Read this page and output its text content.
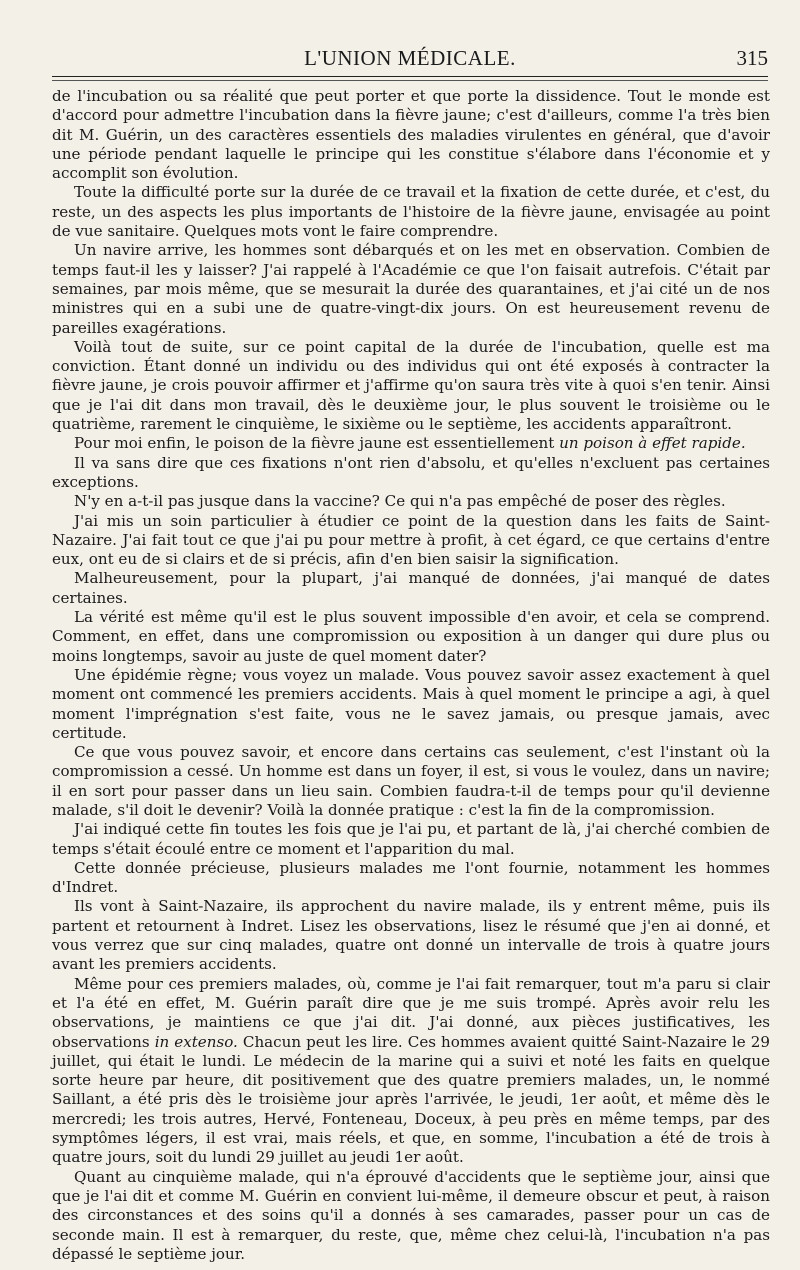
L'UNION MÉDICALE.	315

de l'incubation ou sa réalité que peut porter et que porte la dissidence. Tout le monde est d'accord pour admettre l'incubation dans la fièvre jaune; c'est d'ailleurs, comme l'a très bien dit M. Guérin, un des caractères essentiels des maladies virulentes en général, que d'avoir une période pendant laquelle le principe qui les constitue s'élabore dans l'économie et y accomplit son évolution.

Toute la difficulté porte sur la durée de ce travail et la fixation de cette durée, et c'est, du reste, un des aspects les plus importants de l'histoire de la fièvre jaune, envisagée au point de vue sanitaire. Quelques mots vont le faire comprendre.

Un navire arrive, les hommes sont débarqués et on les met en observation. Combien de temps faut-il les y laisser? J'ai rappelé à l'Académie ce que l'on faisait autrefois. C'était par semaines, par mois même, que se mesurait la durée des quarantaines, et j'ai cité un de nos ministres qui en a subi une de quatre-vingt-dix jours. On est heureusement revenu de pareilles exagérations.

Voilà tout de suite, sur ce point capital de la durée de l'incubation, quelle est ma conviction. Étant donné un individu ou des individus qui ont été exposés à contracter la fièvre jaune, je crois pouvoir affirmer et j'affirme qu'on saura très vite à quoi s'en tenir. Ainsi que je l'ai dit dans mon travail, dès le deuxième jour, le plus souvent le troisième ou le quatrième, rarement le cinquième, le sixième ou le septième, les accidents apparaîtront.

Pour moi enfin, le poison de la fièvre jaune est essentiellement un poison à effet rapide.

Il va sans dire que ces fixations n'ont rien d'absolu, et qu'elles n'excluent pas certaines exceptions.

N'y en a-t-il pas jusque dans la vaccine? Ce qui n'a pas empêché de poser des règles.

J'ai mis un soin particulier à étudier ce point de la question dans les faits de Saint-Nazaire. J'ai fait tout ce que j'ai pu pour mettre à profit, à cet égard, ce que certains d'entre eux, ont eu de si clairs et de si précis, afin d'en bien saisir la signification.

Malheureusement, pour la plupart, j'ai manqué de données, j'ai manqué de dates certaines.

La vérité est même qu'il est le plus souvent impossible d'en avoir, et cela se comprend. Comment, en effet, dans une compromission ou exposition à un danger qui dure plus ou moins longtemps, savoir au juste de quel moment dater?

Une épidémie règne; vous voyez un malade. Vous pouvez savoir assez exactement à quel moment ont commencé les premiers accidents. Mais à quel moment le principe a agi, à quel moment l'imprégnation s'est faite, vous ne le savez jamais, ou presque jamais, avec certitude.

Ce que vous pouvez savoir, et encore dans certains cas seulement, c'est l'instant où la compromission a cessé. Un homme est dans un foyer, il est, si vous le voulez, dans un navire; il en sort pour passer dans un lieu sain. Combien faudra-t-il de temps pour qu'il devienne malade, s'il doit le devenir? Voilà la donnée pratique : c'est la fin de la compromission.

J'ai indiqué cette fin toutes les fois que je l'ai pu, et partant de là, j'ai cherché combien de temps s'était écoulé entre ce moment et l'apparition du mal.

Cette donnée précieuse, plusieurs malades me l'ont fournie, notamment les hommes d'Indret.

Ils vont à Saint-Nazaire, ils approchent du navire malade, ils y entrent même, puis ils partent et retournent à Indret. Lisez les observations, lisez le résumé que j'en ai donné, et vous verrez que sur cinq malades, quatre ont donné un intervalle de trois à quatre jours avant les premiers accidents.

Même pour ces premiers malades, où, comme je l'ai fait remarquer, tout m'a paru si clair et l'a été en effet, M. Guérin paraît dire que je me suis trompé. Après avoir relu les observations, je maintiens ce que j'ai dit. J'ai donné, aux pièces justificatives, les observations in extenso. Chacun peut les lire. Ces hommes avaient quitté Saint-Nazaire le 29 juillet, qui était le lundi. Le médecin de la marine qui a suivi et noté les faits en quelque sorte heure par heure, dit positivement que des quatre premiers malades, un, le nommé Saillant, a été pris dès le troisième jour après l'arrivée, le jeudi, 1er août, et même dès le mercredi; les trois autres, Hervé, Fonteneau, Doceux, à peu près en même temps, par des symptômes légers, il est vrai, mais réels, et que, en somme, l'incubation a été de trois à quatre jours, soit du lundi 29 juillet au jeudi 1er août.

Quant au cinquième malade, qui n'a éprouvé d'accidents que le septième jour, ainsi que que je l'ai dit et comme M. Guérin en convient lui-même, il demeure obscur et peut, à raison des circonstances et des soins qu'il a donnés à ses camarades, passer pour un cas de seconde main. Il est à remarquer, du reste, que, même chez celui-là, l'incubation n'a pas dépassé le septième jour.
